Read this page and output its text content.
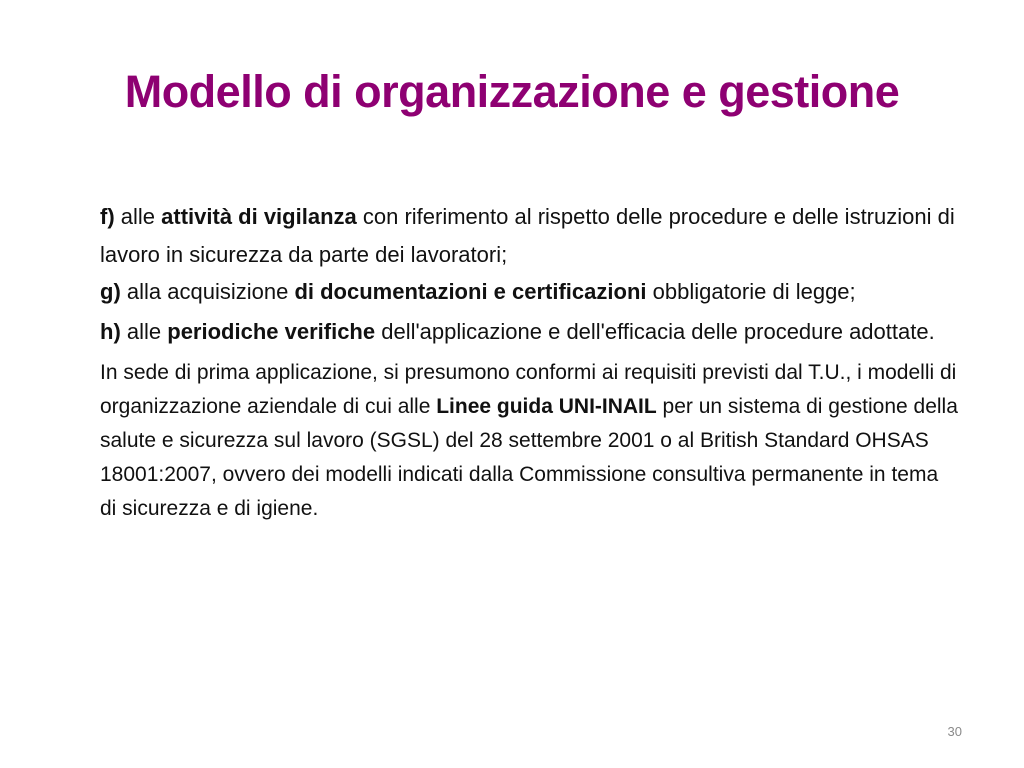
Modello di organizzazione e gestione

f) alle attività di vigilanza con riferimento al rispetto delle procedure e delle istruzioni di lavoro in sicurezza da parte dei lavoratori;

g) alla acquisizione di documentazioni e certificazioni obbligatorie di legge;

h) alle periodiche verifiche dell'applicazione e dell'efficacia delle procedure adottate.

In sede di prima applicazione, si presumono conformi ai requisiti previsti dal T.U., i modelli di organizzazione aziendale di cui alle Linee guida UNI-INAIL per un sistema di gestione della salute e sicurezza sul lavoro (SGSL) del 28 settembre 2001 o al British Standard OHSAS 18001:2007, ovvero dei modelli indicati dalla Commissione consultiva permanente in tema di sicurezza e di igiene.

30
